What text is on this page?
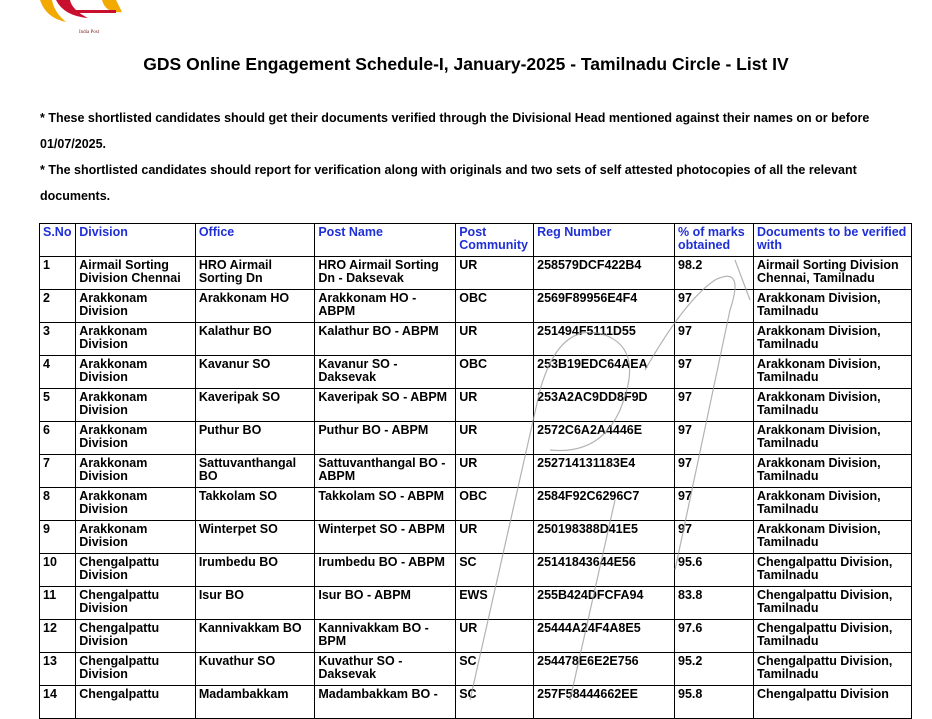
India Post
GDS Online Engagement Schedule-I, January-2025 - Tamilnadu Circle - List IV
* These shortlisted candidates should get their documents verified through the Divisional Head mentioned against their names on or before 01/07/2025.
* The shortlisted candidates should report for verification along with originals and two sets of self attested photocopies of all the relevant documents.
S.No	Division	Office	Post Name	Post Community	Reg Number	% of marks obtained	Documents to be verified with
1	Airmail Sorting Division Chennai	HRO Airmail Sorting Dn	HRO Airmail Sorting Dn - Daksevak	UR	258579DCF422B4	98.2	Airmail Sorting Division Chennai, Tamilnadu
2	Arakkonam Division	Arakkonam HO	Arakkonam HO - ABPM	OBC	2569F89956E4F4	97	Arakkonam Division, Tamilnadu
3	Arakkonam Division	Kalathur BO	Kalathur BO - ABPM	UR	251494F5111D55	97	Arakkonam Division, Tamilnadu
4	Arakkonam Division	Kavanur SO	Kavanur SO - Daksevak	OBC	253B19EDC64AEA	97	Arakkonam Division, Tamilnadu
5	Arakkonam Division	Kaveripak SO	Kaveripak SO - ABPM	UR	253A2AC9DD8F9D	97	Arakkonam Division, Tamilnadu
6	Arakkonam Division	Puthur BO	Puthur BO - ABPM	UR	2572C6A2A4446E	97	Arakkonam Division, Tamilnadu
7	Arakkonam Division	Sattuvanthangal BO	Sattuvanthangal BO - ABPM	UR	252714131183E4	97	Arakkonam Division, Tamilnadu
8	Arakkonam Division	Takkolam SO	Takkolam SO - ABPM	OBC	2584F92C6296C7	97	Arakkonam Division, Tamilnadu
9	Arakkonam Division	Winterpet SO	Winterpet SO - ABPM	UR	250198388D41E5	97	Arakkonam Division, Tamilnadu
10	Chengalpattu Division	Irumbedu BO	Irumbedu BO - ABPM	SC	25141843644E56	95.6	Chengalpattu Division, Tamilnadu
11	Chengalpattu Division	Isur BO	Isur BO - ABPM	EWS	255B424DFCFA94	83.8	Chengalpattu Division, Tamilnadu
12	Chengalpattu Division	Kannivakkam BO	Kannivakkam BO - BPM	UR	25444A24F4A8E5	97.6	Chengalpattu Division, Tamilnadu
13	Chengalpattu Division	Kuvathur SO	Kuvathur SO - Daksevak	SC	254478E6E2E756	95.2	Chengalpattu Division, Tamilnadu
14	Chengalpattu	Madambakkam	Madambakkam BO -	SC	257F58444662EE	95.8	Chengalpattu Division
